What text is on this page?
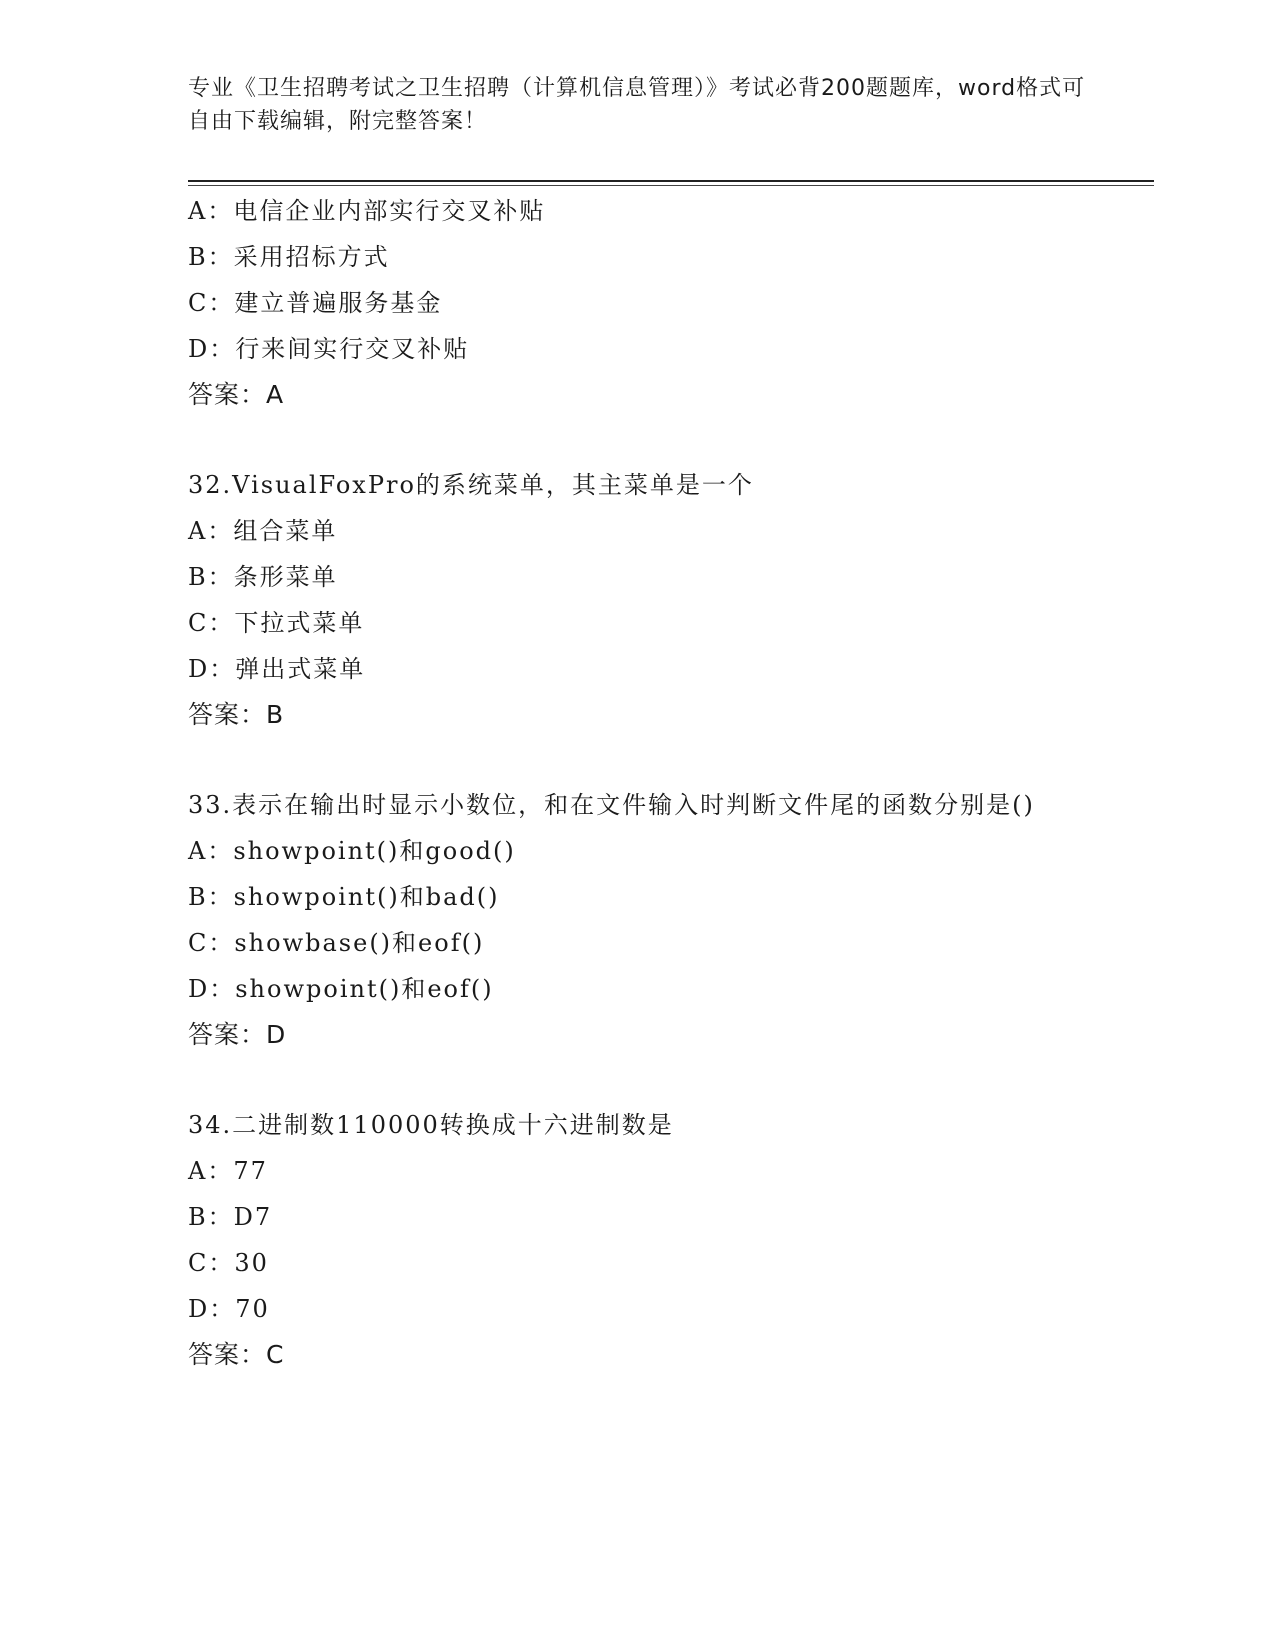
专业《卫生招聘考试之卫生招聘（计算机信息管理）》考试必背200题题库，word格式可自由下载编辑，附完整答案！
A：电信企业内部实行交叉补贴
B：采用招标方式
C：建立普遍服务基金
D：行来间实行交叉补贴
答案：A
32.VisualFoxPro的系统菜单，其主菜单是一个
A：组合菜单
B：条形菜单
C：下拉式菜单
D：弹出式菜单
答案：B
33.表示在输出时显示小数位，和在文件输入时判断文件尾的函数分别是()
A：showpoint()和good()
B：showpoint()和bad()
C：showbase()和eof()
D：showpoint()和eof()
答案：D
34.二进制数110000转换成十六进制数是
A：77
B：D7
C：30
D：70
答案：C
